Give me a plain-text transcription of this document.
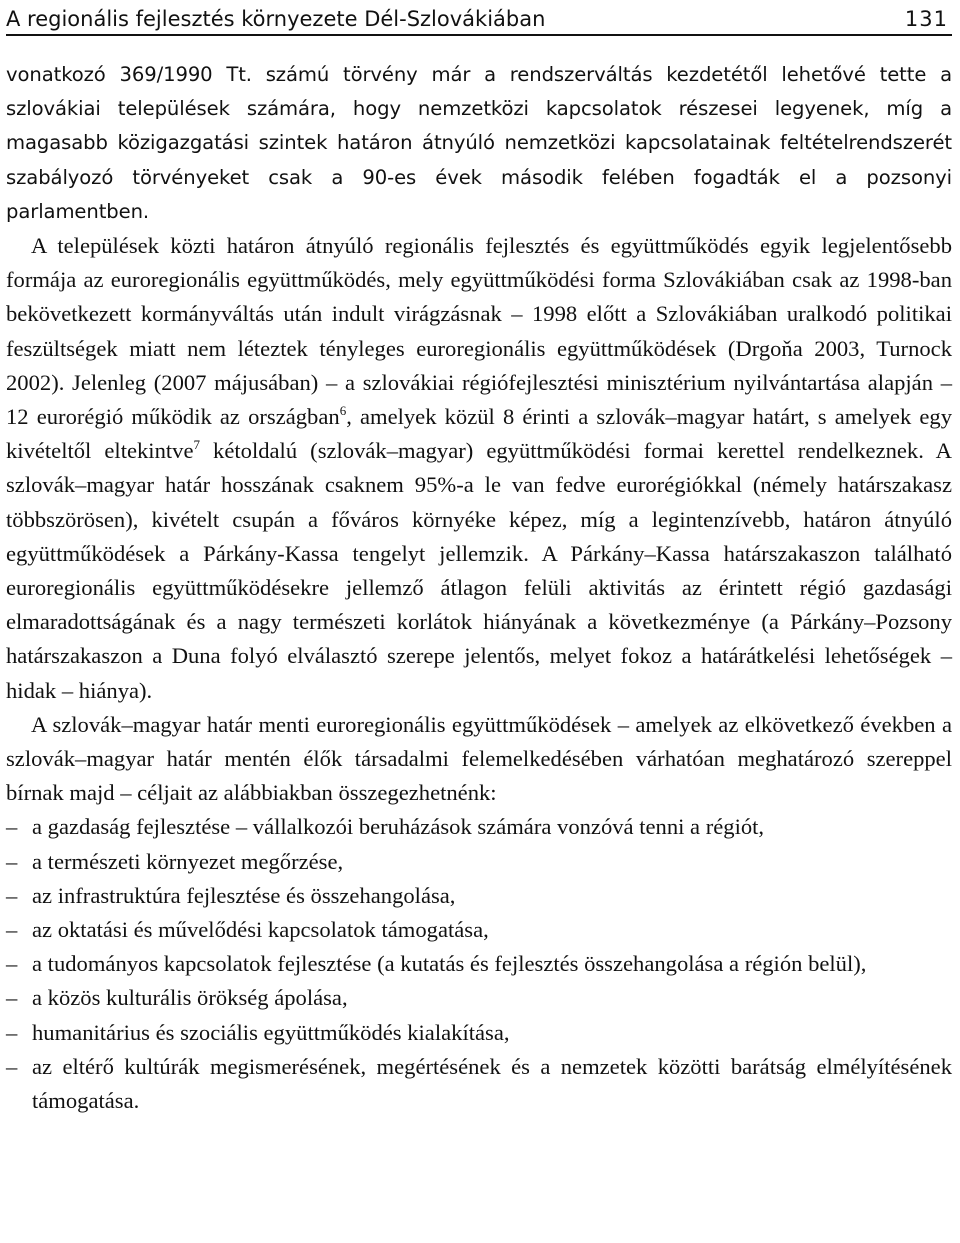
A regionális fejlesztés környezete Dél-Szlovákiában	131

vonatkozó 369/1990 Tt. számú törvény már a rendszerváltás kezdetétől lehetővé tette a szlovákiai települések számára, hogy nemzetközi kapcsolatok részesei legyenek, míg a magasabb közigazgatási szintek határon átnyúló nemzetközi kapcsolatainak feltételrendszerét szabályozó törvényeket csak a 90-es évek második felében fogadták el a pozsonyi parlamentben.

A települések közti határon átnyúló regionális fejlesztés és együttműködés egyik legjelentősebb formája az euroregionális együttműködés, mely együttműködési forma Szlovákiában csak az 1998-ban bekövetkezett kormányváltás után indult virágzásnak – 1998 előtt a Szlovákiában uralkodó politikai feszültségek miatt nem léteztek tényleges euroregionális együttműködések (Drgoňa 2003, Turnock 2002). Jelenleg (2007 májusában) – a szlovákiai régiófejlesztési minisztérium nyilvántartása alapján – 12 eurorégió működik az országban$^6$, amelyek közül 8 érinti a szlovák–magyar határt, s amelyek egy kivételtől eltekintve$^7$ kétoldalú (szlovák–magyar) együttműködési formai kerettel rendelkeznek. A szlovák–magyar határ hosszának csaknem 95%-a le van fedve eurorégiókkal (némely határszakasz többszörösen), kivételt csupán a főváros környéke képez, míg a legintenzívebb, határon átnyúló együttműködések a Párkány-Kassa tengelyt jellemzik. A Párkány–Kassa határszakaszon található euroregionális együttműködésekre jellemző átlagon felüli aktivitás az érintett régió gazdasági elmaradottságának és a nagy természeti korlátok hiányának a következménye (a Párkány–Pozsony határszakaszon a Duna folyó elválasztó szerepe jelentős, melyet fokoz a határátkelési lehetőségek – hidak – hiánya).

A szlovák–magyar határ menti euroregionális együttműködések – amelyek az elkövetkező években a szlovák–magyar határ mentén élők társadalmi felemelkedésében várhatóan meghatározó szereppel bírnak majd – céljait az alábbiakban összegezhetnénk:

– a gazdaság fejlesztése – vállalkozói beruházások számára vonzóvá tenni a régiót,
– a természeti környezet megőrzése,
– az infrastruktúra fejlesztése és összehangolása,
– az oktatási és művelődési kapcsolatok támogatása,
– a tudományos kapcsolatok fejlesztése (a kutatás és fejlesztés összehangolása a régión belül),
– a közös kulturális örökség ápolása,
– humanitárius és szociális együttműködés kialakítása,
– az eltérő kultúrák megismerésének, megértésének és a nemzetek közötti barátság elmélyítésének támogatása.
